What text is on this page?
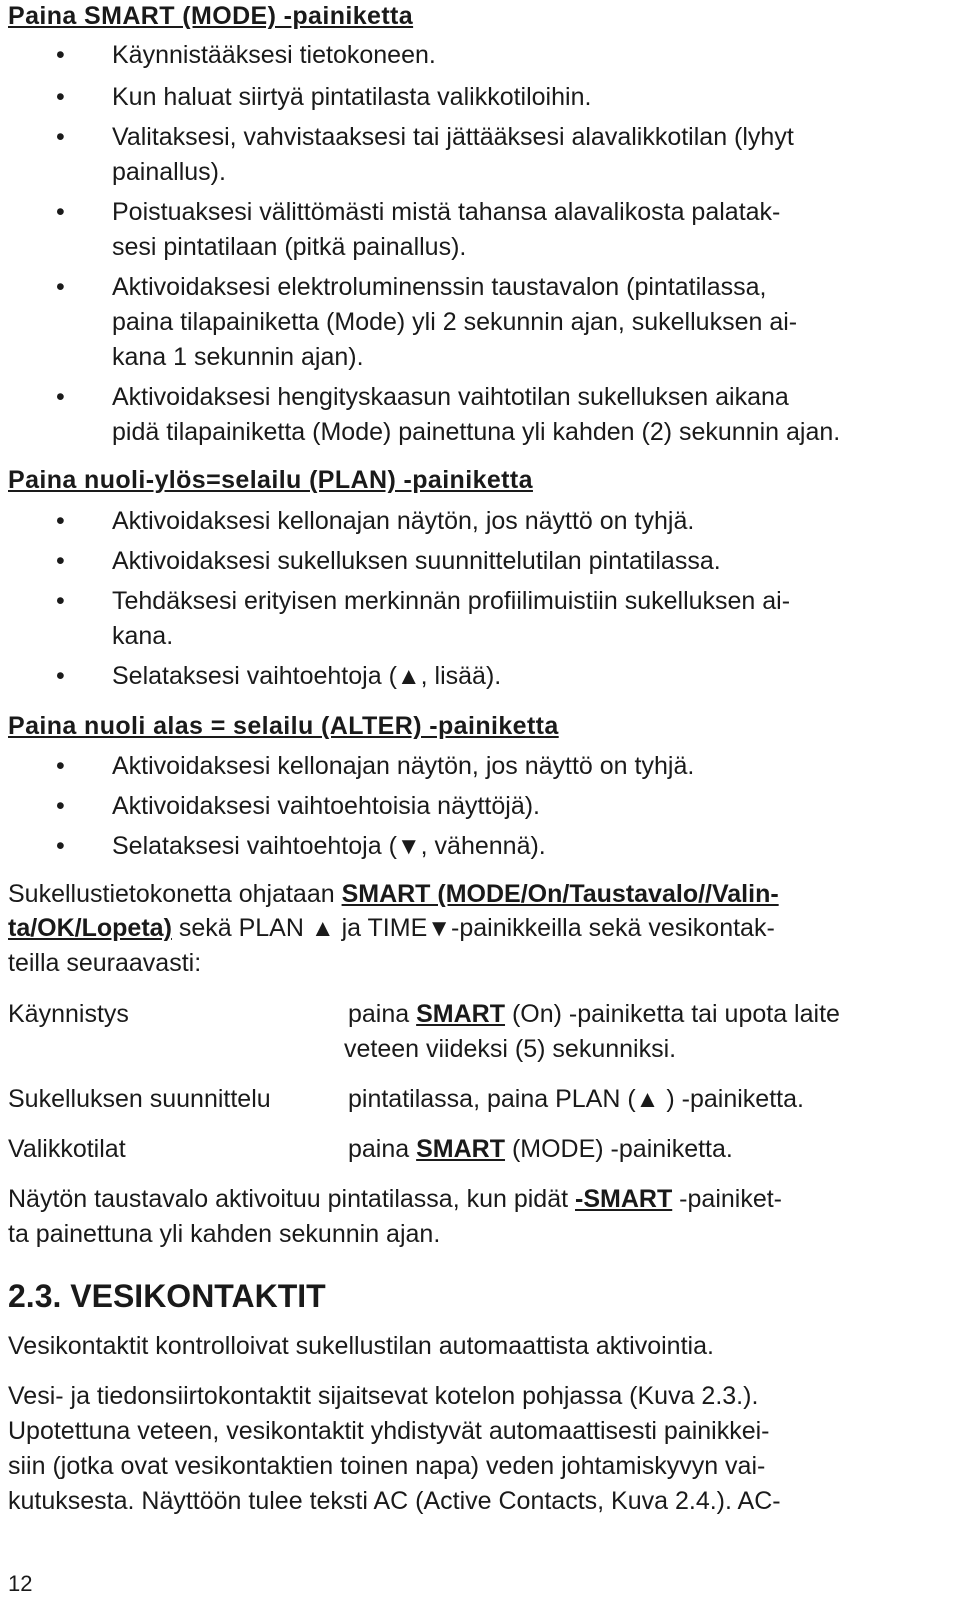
Paina SMART (MODE) -painiketta
• Käynnistääksesi tietokoneen.
• Kun haluat siirtyä pintatilasta valikkotiloihin.
• Valitaksesi, vahvistaaksesi tai jättääksesi alavalikkotilan (lyhyt
painallus).
• Poistuaksesi välittömästi mistä tahansa alavalikosta palatak-
sesi pintatilaan (pitkä painallus).
• Aktivoidaksesi elektroluminenssin taustavalon (pintatilassa,
paina tilapainiketta (Mode) yli 2 sekunnin ajan, sukelluksen ai-
kana 1 sekunnin ajan).
• Aktivoidaksesi hengityskaasun vaihtotilan sukelluksen aikana
pidä tilapainiketta (Mode) painettuna yli kahden (2) sekunnin ajan.
Paina nuoli-ylös=selailu (PLAN) -painiketta
• Aktivoidaksesi kellonajan näytön, jos näyttö on tyhjä.
• Aktivoidaksesi sukelluksen suunnittelutilan pintatilassa.
• Tehdäksesi erityisen merkinnän profiilimuistiin sukelluksen ai-
kana.
• Selataksesi vaihtoehtoja (▲, lisää).
Paina nuoli alas = selailu (ALTER) -painiketta
• Aktivoidaksesi kellonajan näytön, jos näyttö on tyhjä.
• Aktivoidaksesi vaihtoehtoisia näyttöjä).
• Selataksesi vaihtoehtoja (▼, vähennä).
Sukellustietokonetta ohjataan SMART (MODE/On/Taustavalo//Valin-
ta/OK/Lopeta) sekä PLAN ▲ ja TIME▼-painikkeilla sekä vesikontak-
teilla seuraavasti:
Käynnistys	paina SMART (On) -painiketta tai upota laite
veteen viideksi (5) sekunniksi.
Sukelluksen suunnittelu	pintatilassa, paina PLAN (▲ ) -painiketta.
Valikkotilat	paina SMART (MODE) -painiketta.
Näytön taustavalo aktivoituu pintatilassa, kun pidät -SMART -painiket-
ta painettuna yli kahden sekunnin ajan.
2.3. VESIKONTAKTIT
Vesikontaktit kontrolloivat sukellustilan automaattista aktivointia.
Vesi- ja tiedonsiirtokontaktit sijaitsevat kotelon pohjassa (Kuva 2.3.).
Upotettuna veteen, vesikontaktit yhdistyvät automaattisesti painikkei-
siin (jotka ovat vesikontaktien toinen napa) veden johtamiskyvyn vai-
kutuksesta. Näyttöön tulee teksti AC (Active Contacts, Kuva 2.4.). AC-
12
